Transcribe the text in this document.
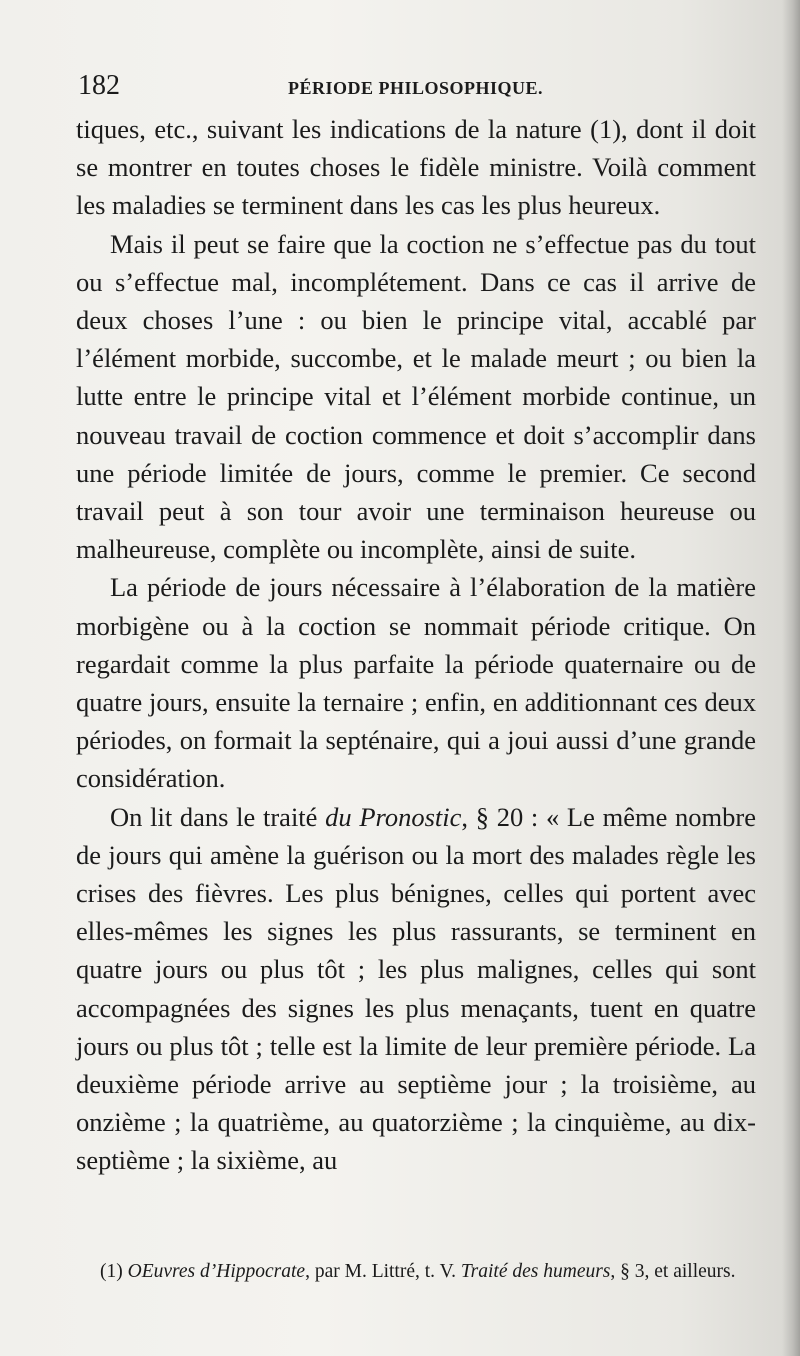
182	PÉRIODE PHILOSOPHIQUE.

tiques, etc., suivant les indications de la nature (1), dont il doit se montrer en toutes choses le fidèle ministre. Voilà comment les maladies se terminent dans les cas les plus heureux.

Mais il peut se faire que la coction ne s’effectue pas du tout ou s’effectue mal, incomplétement. Dans ce cas il arrive de deux choses l’une : ou bien le principe vital, accablé par l’élément morbide, succombe, et le malade meurt ; ou bien la lutte entre le principe vital et l’élément morbide continue, un nouveau travail de coction commence et doit s’accomplir dans une période limitée de jours, comme le premier. Ce second travail peut à son tour avoir une terminaison heureuse ou malheureuse, complète ou incomplète, ainsi de suite.

La période de jours nécessaire à l’élaboration de la matière morbigène ou à la coction se nommait période critique. On regardait comme la plus parfaite la période quaternaire ou de quatre jours, ensuite la ternaire ; enfin, en additionnant ces deux périodes, on formait la septénaire, qui a joui aussi d’une grande considération.

On lit dans le traité du Pronostic, § 20 : « Le même nombre de jours qui amène la guérison ou la mort des malades règle les crises des fièvres. Les plus bénignes, celles qui portent avec elles-mêmes les signes les plus rassurants, se terminent en quatre jours ou plus tôt ; les plus malignes, celles qui sont accompagnées des signes les plus menaçants, tuent en quatre jours ou plus tôt ; telle est la limite de leur première période. La deuxième période arrive au septième jour ; la troisième, au onzième ; la quatrième, au quatorzième ; la cinquième, au dix-septième ; la sixième, au

(1) OEuvres d’Hippocrate, par M. Littré, t. V. Traité des humeurs, § 3, et ailleurs.
